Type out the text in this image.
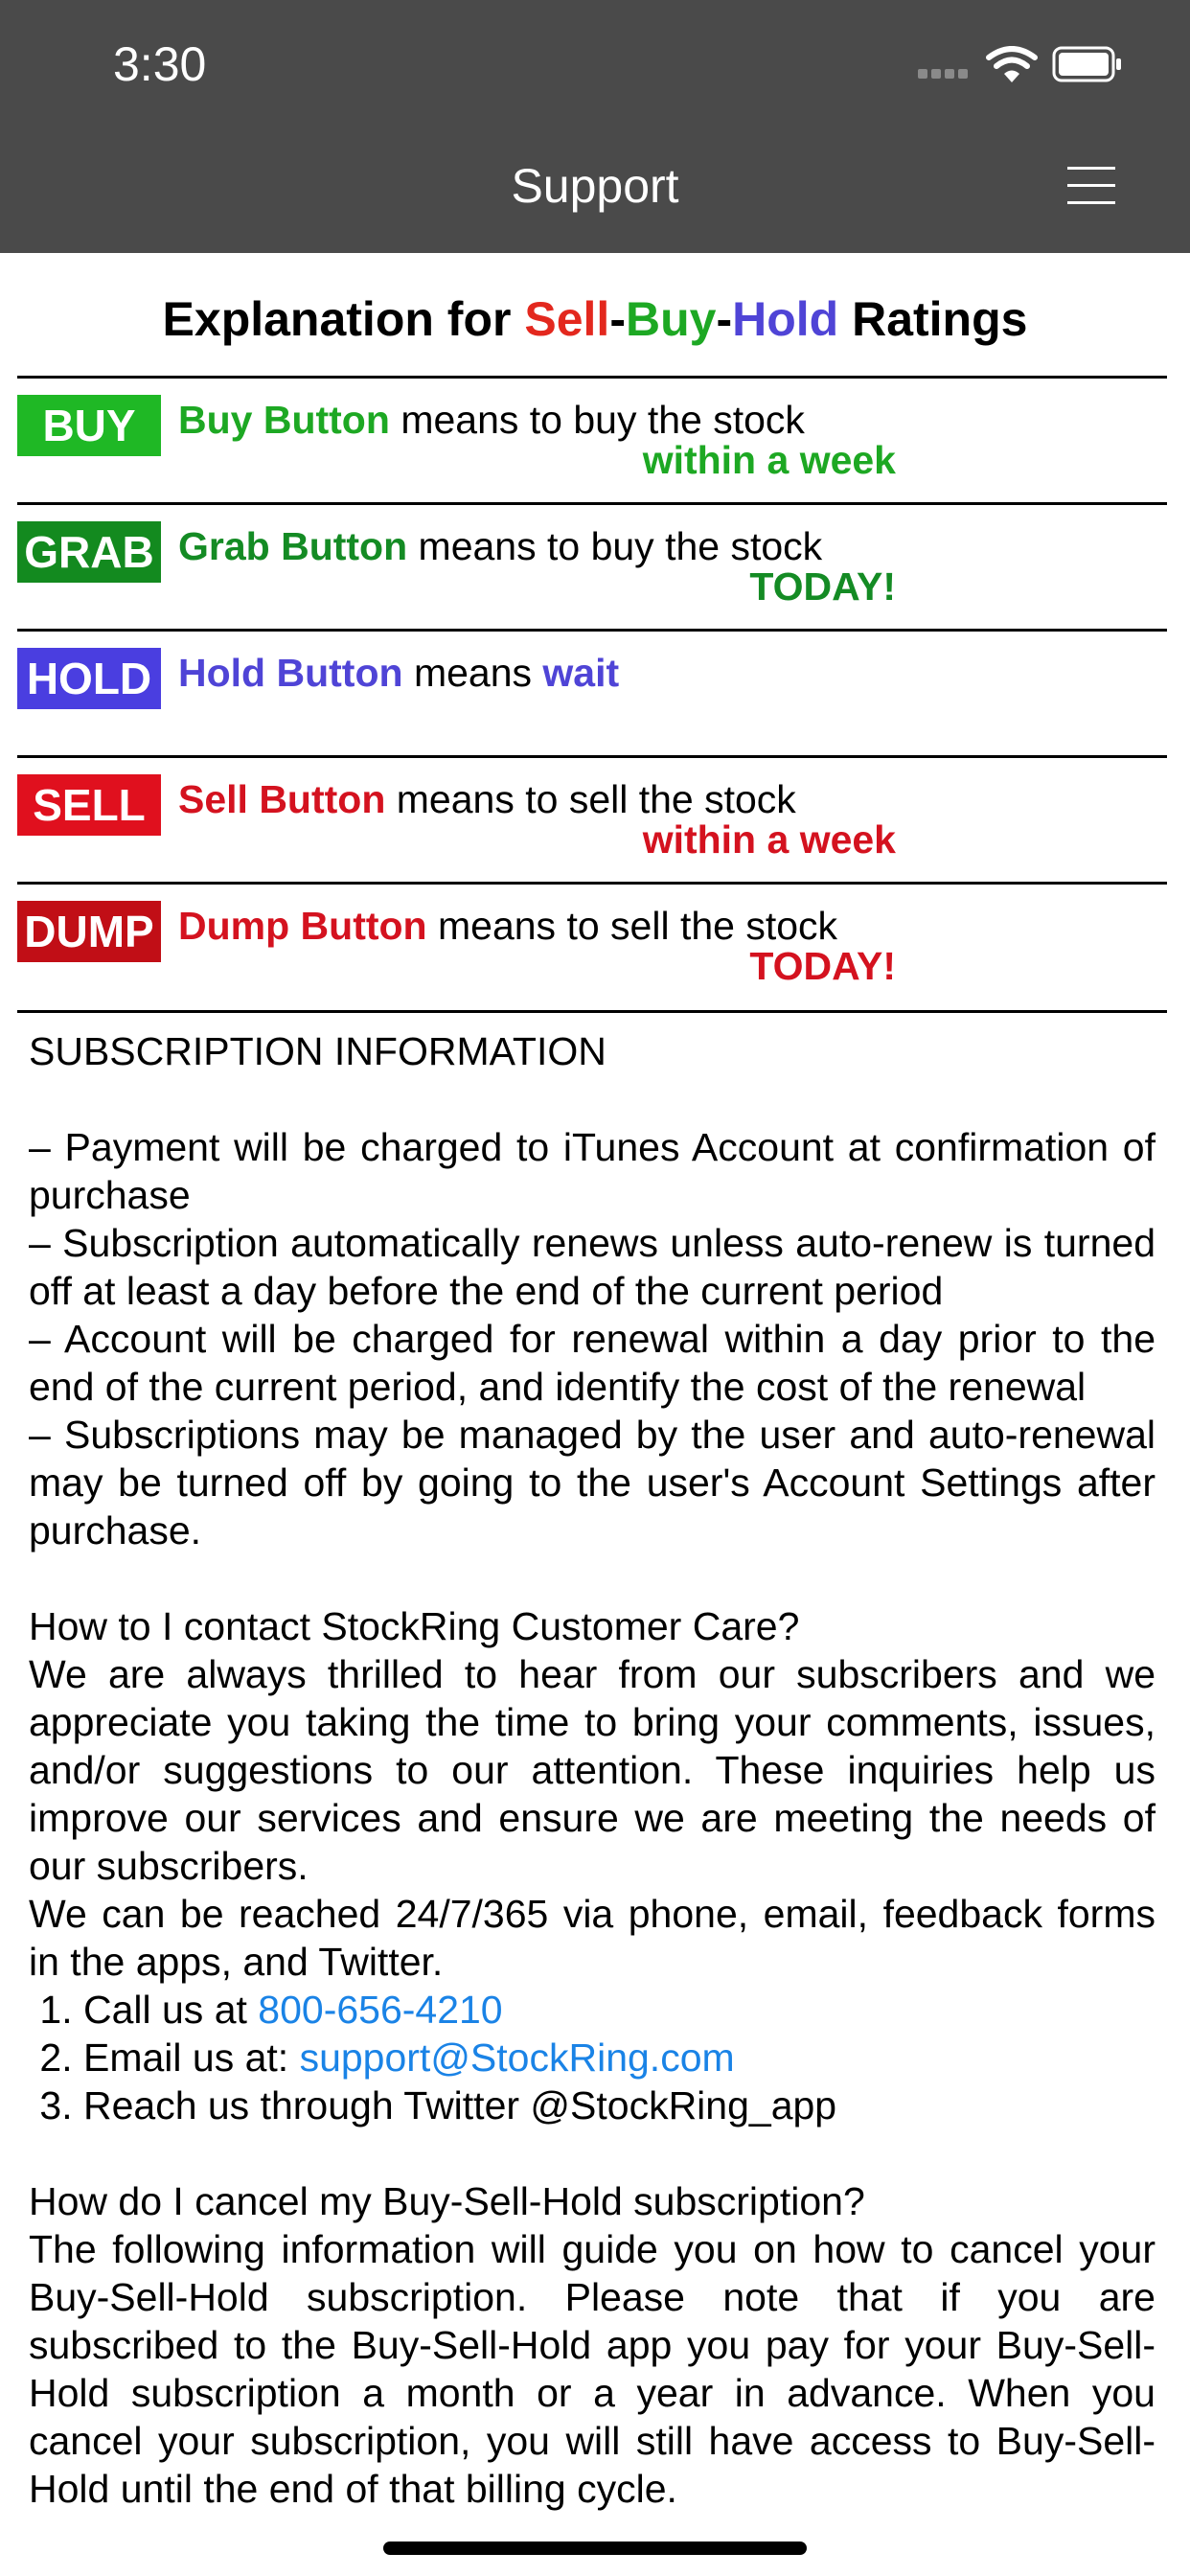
3:30
Support
Explanation for Sell-Buy-Hold Ratings
BUY	Buy Button means to buy the stock
within a week
GRAB Grab Button means to buy the stock
TODAY!
HOLD Hold Button means wait
SELL Sell Button means to sell the stock
within a week
DUMP Dump Button means to sell the stock
TODAY!

SUBSCRIPTION INFORMATION

– Payment will be charged to iTunes Account at confirmation of purchase

– Subscription automatically renews unless auto-renew is turned off at least a day before the end of the current period

– Account will be charged for renewal within a day prior to the end of the current period, and identify the cost of the renewal

– Subscriptions may be managed by the user and auto-renewal may be turned off by going to the user's Account Settings after purchase.

How to I contact StockRing Customer Care?

We are always thrilled to hear from our subscribers and we appreciate you taking the time to bring your comments, issues, and/or suggestions to our attention. These inquiries help us improve our services and ensure we are meeting the needs of our subscribers.

We can be reached 24/7/365 via phone, email, feedback forms in the apps, and Twitter.

1. Call us at 800-656-4210

2. Email us at: support@StockRing.com

3. Reach us through Twitter @StockRing_app

How do I cancel my Buy-Sell-Hold subscription?

The following information will guide you on how to cancel your Buy-Sell-Hold subscription. Please note that if you are subscribed to the Buy-Sell-Hold app you pay for your Buy-Sell-Hold subscription a month or a year in advance. When you cancel your subscription, you will still have access to Buy-Sell-Hold until the end of that billing cycle.
